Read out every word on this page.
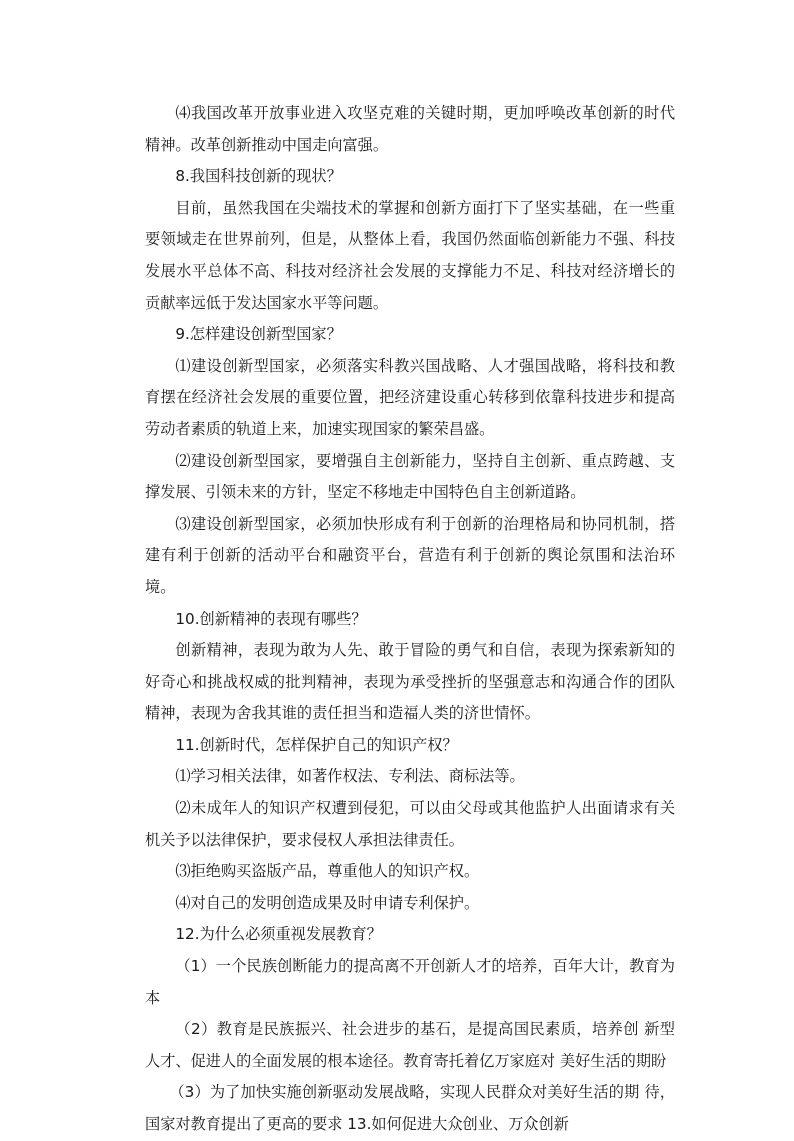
⑷我国改革开放事业进入攻坚克难的关键时期，更加呼唤改革创新的时代精神。改革创新推动中国走向富强。

8.我国科技创新的现状？

目前，虽然我国在尖端技术的掌握和创新方面打下了坚实基础，在一些重要领域走在世界前列，但是，从整体上看，我国仍然面临创新能力不强、科技发展水平总体不高、科技对经济社会发展的支撑能力不足、科技对经济增长的贡献率远低于发达国家水平等问题。

9.怎样建设创新型国家？

⑴建设创新型国家，必须落实科教兴国战略、人才强国战略，将科技和教育摆在经济社会发展的重要位置，把经济建设重心转移到依靠科技进步和提高劳动者素质的轨道上来，加速实现国家的繁荣昌盛。

⑵建设创新型国家，要增强自主创新能力，坚持自主创新、重点跨越、支撑发展、引领未来的方针，坚定不移地走中国特色自主创新道路。

⑶建设创新型国家，必须加快形成有利于创新的治理格局和协同机制，搭建有利于创新的活动平台和融资平台，营造有利于创新的舆论氛围和法治环境。

10.创新精神的表现有哪些？

创新精神，表现为敢为人先、敢于冒险的勇气和自信，表现为探索新知的好奇心和挑战权威的批判精神，表现为承受挫折的坚强意志和沟通合作的团队精神，表现为舍我其谁的责任担当和造福人类的济世情怀。

11.创新时代，怎样保护自己的知识产权？

⑴学习相关法律，如著作权法、专利法、商标法等。

⑵未成年人的知识产权遭到侵犯，可以由父母或其他监护人出面请求有关机关予以法律保护，要求侵权人承担法律责任。

⑶拒绝购买盗版产品，尊重他人的知识产权。

⑷对自己的发明创造成果及时申请专利保护。

12.为什么必须重视发展教育？

（1）一个民族创断能力的提高离不开创新人才的培养，百年大计，教育为本

（2）教育是民族振兴、社会进步的基石，是提高国民素质，培养创 新型人才、促进人的全面发展的根本途径。教育寄托着亿万家庭对 美好生活的期盼

（3）为了加快实施创新驱动发展战略，实现人民群众对美好生活的期 待，国家对教育提出了更高的要求 13.如何促进大众创业、万众创新
